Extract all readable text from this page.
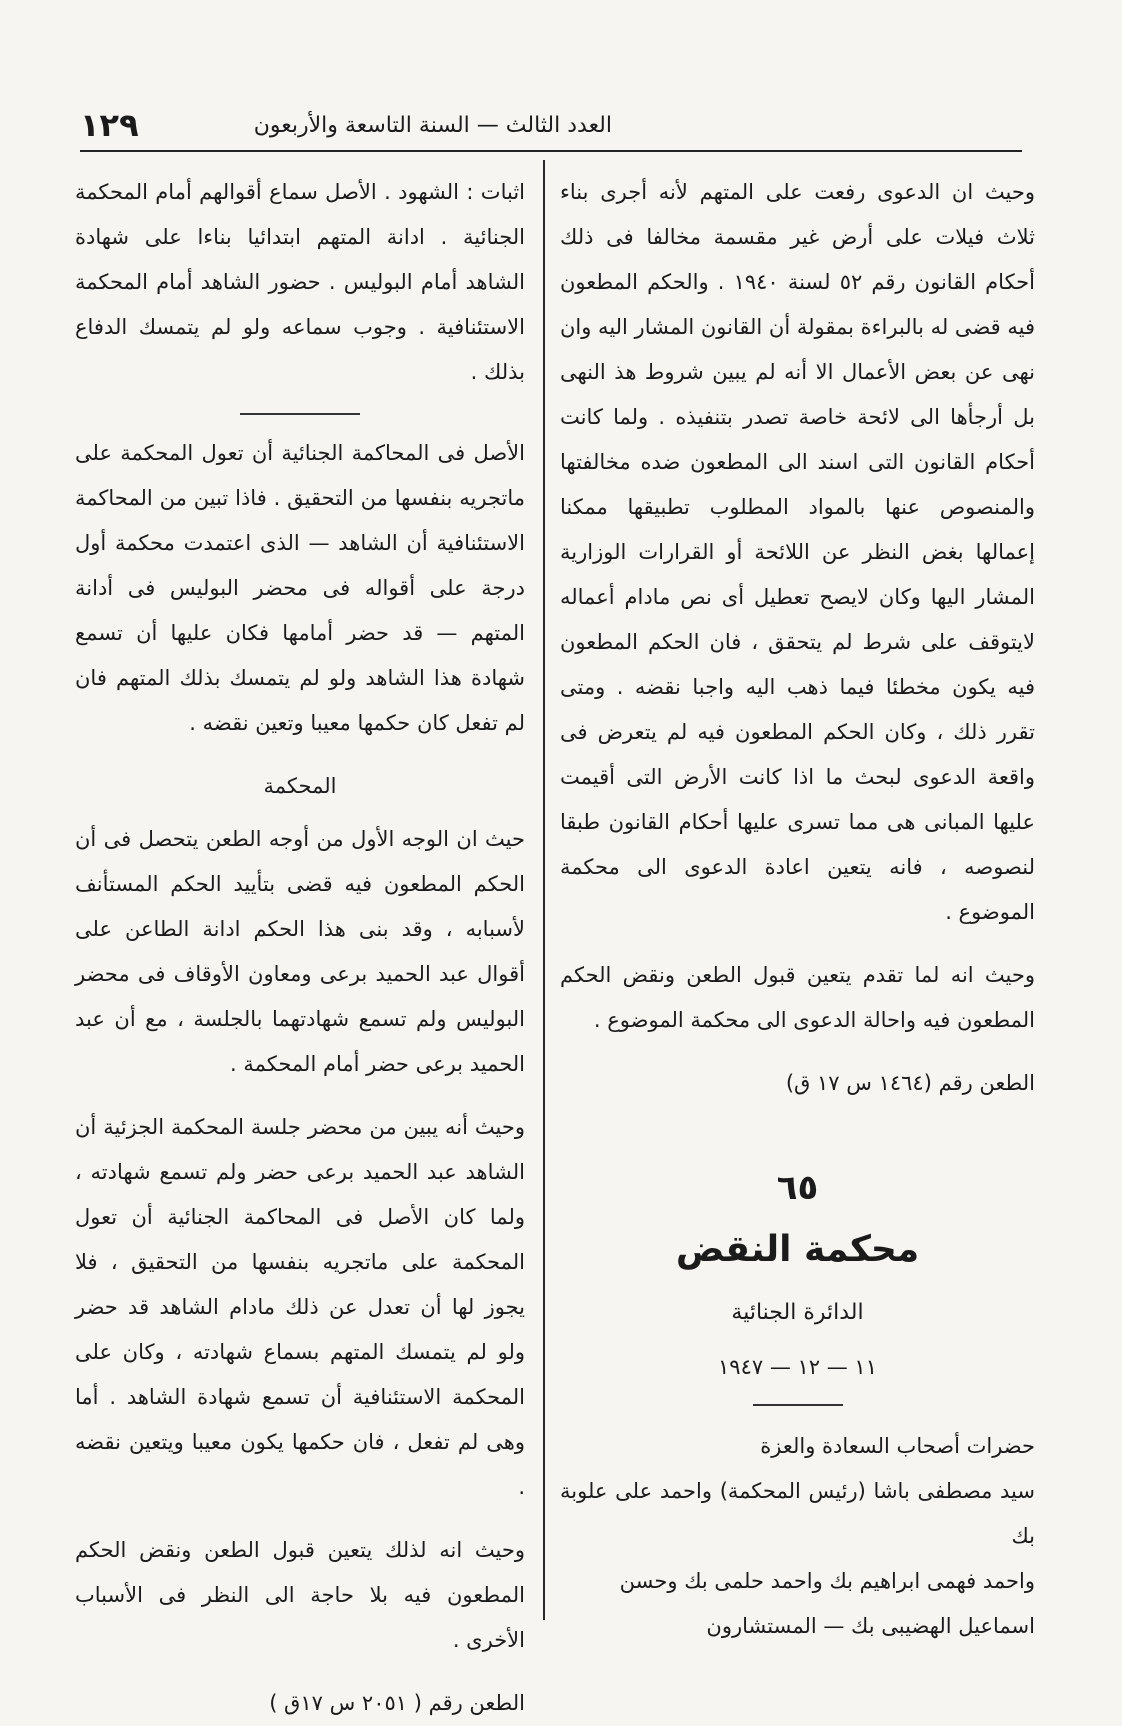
العدد الثالث — السنة التاسعة والأربعون
١٢٩

وحيث ان الدعوى رفعت على المتهم لأنه أجرى بناء ثلاث فيلات على أرض غير مقسمة مخالفا فى ذلك أحكام القانون رقم ٥٢ لسنة ١٩٤٠ . والحكم المطعون فيه قضى له بالبراءة بمقولة أن القانون المشار اليه وان نهى عن بعض الأعمال الا أنه لم يبين شروط هذ النهى بل أرجأها الى لائحة خاصة تصدر بتنفيذه . ولما كانت أحكام القانون التى اسند الى المطعون ضده مخالفتها والمنصوص عنها بالمواد المطلوب تطبيقها ممكنا إعمالها بغض النظر عن اللائحة أو القرارات الوزارية المشار اليها وكان لايصح تعطيل أى نص مادام أعماله لايتوقف على شرط لم يتحقق ، فان الحكم المطعون فيه يكون مخطئا فيما ذهب اليه واجبا نقضه . ومتى تقرر ذلك ، وكان الحكم المطعون فيه لم يتعرض فى واقعة الدعوى لبحث ما اذا كانت الأرض التى أقيمت عليها المبانى هى مما تسرى عليها أحكام القانون طبقا لنصوصه ، فانه يتعين اعادة الدعوى الى محكمة الموضوع .

وحيث انه لما تقدم يتعين قبول الطعن ونقض الحكم المطعون فيه واحالة الدعوى الى محكمة الموضوع .

الطعن رقم (١٤٦٤ س ١٧ ق)
٦٥
محكمة النقض
الدائرة الجنائية
١١ — ١٢ — ١٩٤٧

حضرات أصحاب السعادة والعزة

سيد مصطفى باشا (رئيس المحكمة) واحمد على علوبة بك

واحمد فهمى ابراهيم بك واحمد حلمى بك وحسن

اسماعيل الهضيبى بك — المستشارون

اثبات : الشهود . الأصل سماع أقوالهم أمام المحكمة الجنائية . ادانة المتهم ابتدائيا بناءا على شهادة الشاهد أمام البوليس . حضور الشاهد أمام المحكمة الاستئنافية . وجوب سماعه ولو لم يتمسك الدفاع بذلك .

الأصل فى المحاكمة الجنائية أن تعول المحكمة على ماتجريه بنفسها من التحقيق . فاذا تبين من المحاكمة الاستئنافية أن الشاهد — الذى اعتمدت محكمة أول درجة على أقواله فى محضر البوليس فى أدانة المتهم — قد حضر أمامها فكان عليها أن تسمع شهادة هذا الشاهد ولو لم يتمسك بذلك المتهم فان لم تفعل كان حكمها معيبا وتعين نقضه .

المحكمة

حيث ان الوجه الأول من أوجه الطعن يتحصل فى أن الحكم المطعون فيه قضى بتأييد الحكم المستأنف لأسبابه ، وقد بنى هذا الحكم ادانة الطاعن على أقوال عبد الحميد برعى ومعاون الأوقاف فى محضر البوليس ولم تسمع شهادتهما بالجلسة ، مع أن عبد الحميد برعى حضر أمام المحكمة .

وحيث أنه يبين من محضر جلسة المحكمة الجزئية أن الشاهد عبد الحميد برعى حضر ولم تسمع شهادته ، ولما كان الأصل فى المحاكمة الجنائية أن تعول المحكمة على ماتجريه بنفسها من التحقيق ، فلا يجوز لها أن تعدل عن ذلك مادام الشاهد قد حضر ولو لم يتمسك المتهم بسماع شهادته ، وكان على المحكمة الاستئنافية أن تسمع شهادة الشاهد . أما وهى لم تفعل ، فان حكمها يكون معيبا ويتعين نقضه .

وحيث انه لذلك يتعين قبول الطعن ونقض الحكم المطعون فيه بلا حاجة الى النظر فى الأسباب الأخرى .

الطعن رقم ( ٢٠٥١ س ١٧ق )
